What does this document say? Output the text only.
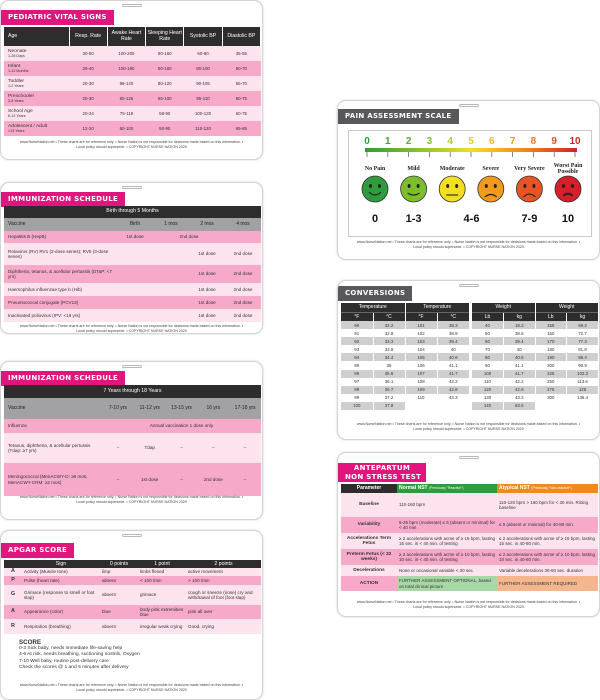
PEDIATRIC VITAL SIGNS
Age	Resp. Rate	Awake Heart Rate	Sleeping Heart Rate	Systolic BP	Diastolic BP
Neonate
1-28 Days	30-50	100-205	90-160	60-80	35-55
Infant
1-12 Months	25-40	100-190	90-160	80-100	50-70
Toddler
1-2 Years	20-30	98-140	80-120	90-105	55-70
Preschooler
3-5 Years	20-30	80-125	65-100	95-110	60-75
School Age
6-12 Years	20-24	75-118	58-90	100-120	60-75
Adolescent / Adult
>13 Years	12-20	60-100	50-90	110-120	65-85
www.NurseNation.net • These charts are for reference only. • Nurse Nation is not responsible for decisions made based on this information. •
Local policy should supersede. • COPYRIGHT NURSE NATION 2020
IMMUNIZATION SCHEDULE
Birth through 5 Months				
Vaccine	Birth	1 mos	2 mos	4 mos
Hepatitis B (HepB)	1st dose	2nd dose		
Rotavirus (RV) RV1 (2-dose series); RV5 (3-dose series)			1st dose	2nd dose
Diphtheria, tetanus, & acellular pertussis (DTaP: <7 yrs)			1st dose	2nd dose
Haemophilus influenzae type b (Hib)			1st dose	2nd dose
Pneumococcal conjugate (PCV13)			1st dose	2nd dose
Inactivated poliovirus (IPV: <18 yrs)			1st dose	2nd dose
www.NurseNation.net • These charts are for reference only. • Nurse Nation is not responsible for decisions made based on this information. •
Local policy should supersede. • COPYRIGHT NURSE NATION 2020
IMMUNIZATION SCHEDULE
7 Years through 18 Years					
Vaccine	7-10 yrs	11-12 yrs	13-15 yrs	16 yrs	17-18 yrs
Influenza	Annual vaccination 1 dose only				
Tetanus, diphtheria, & acellular pertussis (Tdap: ≥7 yrs)	–	Tdap	–	–	–
Meningococcal (MenACWY-D: ≥9 mos, MenACWY-CRM: ≥2 mos)	–	1st dose	–	2nd dose	–
www.NurseNation.net • These charts are for reference only. • Nurse Nation is not responsible for decisions made based on this information. •
Local policy should supersede. • COPYRIGHT NURSE NATION 2020
APGAR SCORE
	Sign	0 points	1 point	2 points
A	Activity (Muscle tone)	limp	limbs flexed	active movement
P	Pulse (heart rate)	absent	< 100 /min	> 100 /min
G	Grimace (response to smell or foot slap)	absent	grimace	cough or sneeze (nose) cry and withdrawal of foot (foot slap)
A	Appearance (color)	blue	body pink extremities blue	pink all over
R	Respiration (breathing)	absent	irregular weak crying	Good, crying
SCORE
0-3 Sick baby, needs immediate life-saving help
4-6 At risk, needs breathing, suctioning nostrils, Oxygen
7-10 Well baby, routine post-delivery care
Check the scores @ 1 and 5 minutes after delivery
www.NurseNation.net • These charts are for reference only. • Nurse Nation is not responsible for decisions made based on this information. •
Local policy should supersede. • COPYRIGHT NURSE NATION 2020
PAIN ASSESSMENT SCALE
0 1 2 3 4 5 6 7 8 9 10
No Pain
0
Mild
1-3
Moderate
4-6
Severe Very Severe
7-9
Worst Pain Possible
10
www.NurseNation.net • These charts are for reference only. • Nurse Nation is not responsible for decisions made based on this information. •
Local policy should supersede. • COPYRIGHT NURSE NATION 2020
CONVERSIONS
Temperature		Temperature	
°F	°C	°F	°C
90	32.2	101	38.3
91	32.8	102	38.9
92	33.3	103	39.4
93	33.9	104	40
94	34.4	105	40.6
95	35	106	41.1
96	35.6	107	41.7
97	36.1	108	42.2
98	36.7	109	42.8
99	37.2	110	43.3
100	37.8		
Weight		Weight	
Lb	kg	Lb	kg
40	18.2	155	69.2
50	38.6	160	72.7
60	39.4	170	77.3
70	40	180	81.8
80	40.6	190	86.4
90	41.1	200	90.9
100	41.7	225	102.3
110	42.2	250	113.6
120	42.8	275	125
130	43.3	300	136.4
140	63.6		
www.NurseNation.net • These charts are for reference only. • Nurse Nation is not responsible for decisions made based on this information. •
Local policy should supersede. • COPYRIGHT NURSE NATION 2020
ANTEPARTUM
NON STRESS TEST
Parameter	Normal NST (Previously "Reactive")	Atypical NST (Previously "Non-reactive")
Baseline	110-160 bpm	110-120 bpm > 160 bpm for < 30 min. Rising baseline
Variability	6-25 bpm (moderate) ≤ 5 (absent or minimal) for < 40 min	≤ 5 (absent or minimal) for 40-80 min.
Accelerations Term Fetus	≥ 2 accelerations with acme of ≥ 15 bpm, lasting 15 sec. in < 40 min. of testing	≤ 2 accelerations with acme of ≥ 15 bpm, lasting 15 sec. in 40-80 min.
Preterm Fetus (< 32 weeks)	≥ 2 accelerations with acme of ≥ 10 bpm, lasting 10 sec. in < 40 min. of testing	≤ 2 accelerations with acme of ≥ 10 bpm, lasting 10 sec. in 40-80 min.
Decelerations	None or occasional variable < 30 sec.	Variable decelerations 30-60 sec. duration
ACTION	FURTHER ASSESSMENT OPTIONAL, based on total clinical picture	FURTHER ASSESSMENT REQUIRED
www.NurseNation.net • These charts are for reference only. • Nurse Nation is not responsible for decisions made based on this information. •
Local policy should supersede. • COPYRIGHT NURSE NATION 2020
